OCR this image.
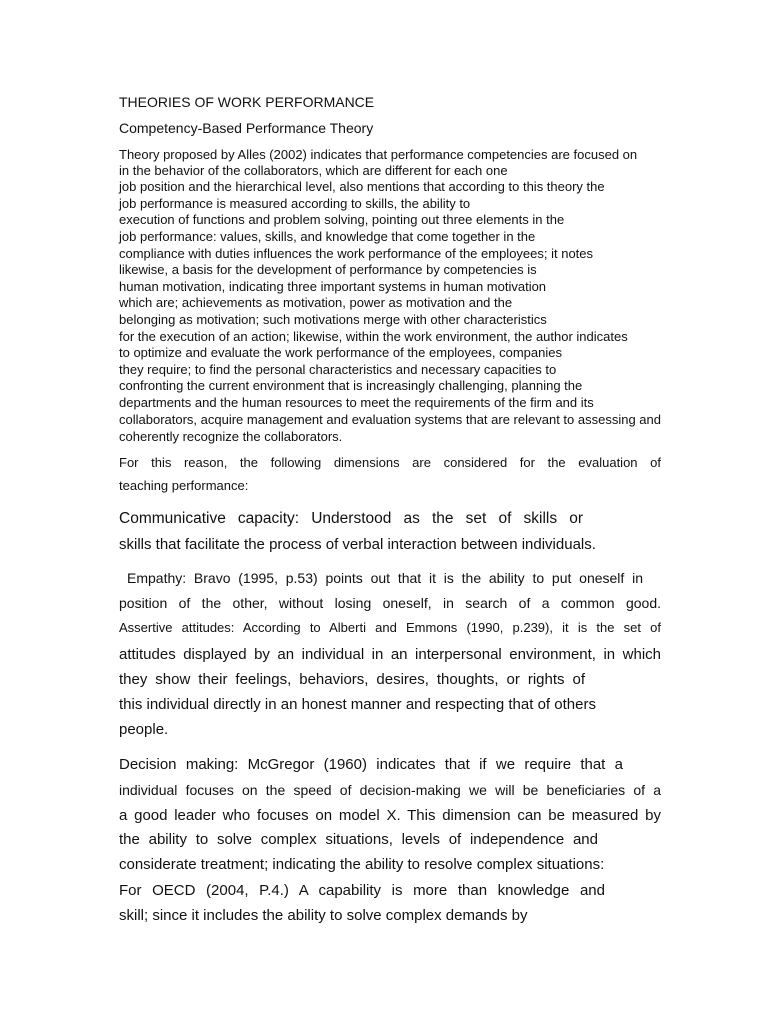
THEORIES OF WORK PERFORMANCE

Competency-Based Performance Theory

Theory proposed by Alles (2002) indicates that performance competencies are focused on

in the behavior of the collaborators, which are different for each one

job position and the hierarchical level, also mentions that according to this theory the

job performance is measured according to skills, the ability to

execution of functions and problem solving, pointing out three elements in the

job performance: values, skills, and knowledge that come together in the

compliance with duties influences the work performance of the employees; it notes

likewise, a basis for the development of performance by competencies is

human motivation, indicating three important systems in human motivation

which are; achievements as motivation, power as motivation and the

belonging as motivation; such motivations merge with other characteristics

for the execution of an action; likewise, within the work environment, the author indicates

to optimize and evaluate the work performance of the employees, companies

they require; to find the personal characteristics and necessary capacities to

confronting the current environment that is increasingly challenging, planning the

departments and the human resources to meet the requirements of the firm and its

collaborators, acquire management and evaluation systems that are relevant to assessing and

coherently recognize the collaborators.

For this reason, the following dimensions are considered for the evaluation of

teaching performance:

Communicative capacity: Understood as the set of skills or

skills that facilitate the process of verbal interaction between individuals.

Empathy: Bravo (1995, p.53) points out that it is the ability to put oneself in

position of the other, without losing oneself, in search of a common good.

Assertive attitudes: According to Alberti and Emmons (1990, p.239), it is the set of

attitudes displayed by an individual in an interpersonal environment, in which

they show their feelings, behaviors, desires, thoughts, or rights of

this individual directly in an honest manner and respecting that of others

people.

Decision making: McGregor (1960) indicates that if we require that a

individual focuses on the speed of decision-making we will be beneficiaries of a

a good leader who focuses on model X. This dimension can be measured by

the ability to solve complex situations, levels of independence and

considerate treatment; indicating the ability to resolve complex situations:

For OECD (2004, P.4.) A capability is more than knowledge and

skill; since it includes the ability to solve complex demands by
